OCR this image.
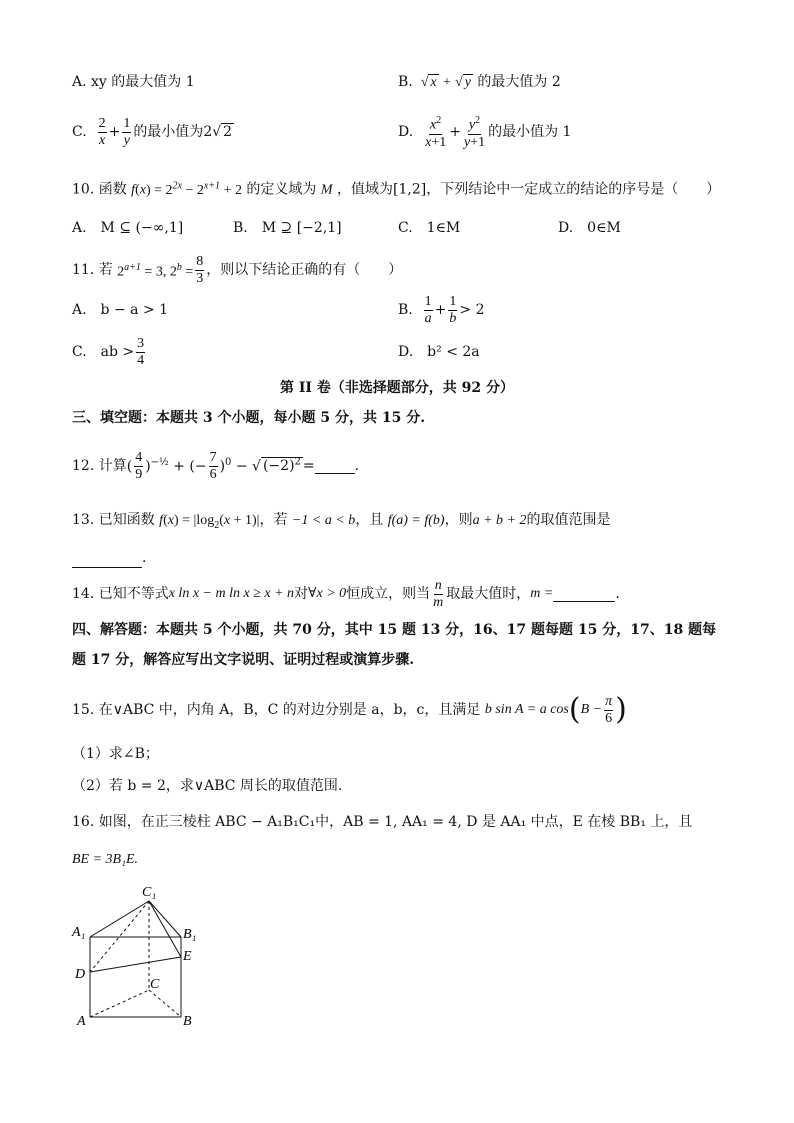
A. xy 的最大值为 1	B.  √ x + √ y 的最大值为 2
C.
$\frac{2}{x} + \frac{1}{y}$ 的最小值为 2√ 2	D.
$\frac{x^2}{x+1} + \frac{y^2}{y+1}$ 的最小值为 1
10. 函数 $f(x) = 2^{2x} - 2^{x+1} + 2$ 的定义域为 M ，值域为[1,2]，下列结论中一定成立的结论的序号是（　　）
A.　M ⊆ (−∞,1]	B.　M ⊇ [−2,1]	C.　1∈M	D.　0∈M
11. 若
$2^{a+1} = 3$, $2^b = \frac{8}{3}$ ，则以下结论正确的有（　　）
A.　b − a > 1	B.
$\frac{1}{a} + \frac{1}{b} > 2$
C.　ab > $\frac{3}{4}$	D.　b² < 2a
第 II 卷（非选择题部分，共 92 分）
三、填空题：本题共 3 个小题，每小题 5 分，共 15 分.
12. 计算 ( $\frac{4}{9} )^{-\frac{1}{2}}$ + (− $\frac{7}{6} )^0$ − √ $(-2)^2$ =	.
13. 已知函数 $f(x) = |\log_2(x + 1)|$，若 −1 < a < b，且 f(a) = f(b)，则a + b + 2的取值范围是
.
14. 已知不等式 x ln x − m ln x ≥ x + n 对 ∀x > 0 恒成立，则当 $\frac{n}{m}$ 取最大值时， m =	.
四、解答题：本题共 5 个小题，共 70 分，其中 15 题 13 分，16、17 题每题 15 分，17、18 题每
题 17 分，解答应写出文字说明、证明过程或演算步骤.
15. 在∨ABC 中，内角 A，B，C 的对边分别是 a，b，c，且满足
b sin A = a cos ( $B - \frac{\pi}{6}$ )
（1）求∠B；
（2）若 b = 2，求∨ABC 周长的取值范围.
16. 如图，在正三棱柱 ABC − A₁B₁C₁中，AB = 1, AA₁ = 4, D 是 AA₁ 中点，E 在棱 BB₁ 上，且
BE = 3B₁E.
C₁
A₁	B₁
E
D
C
A	B
